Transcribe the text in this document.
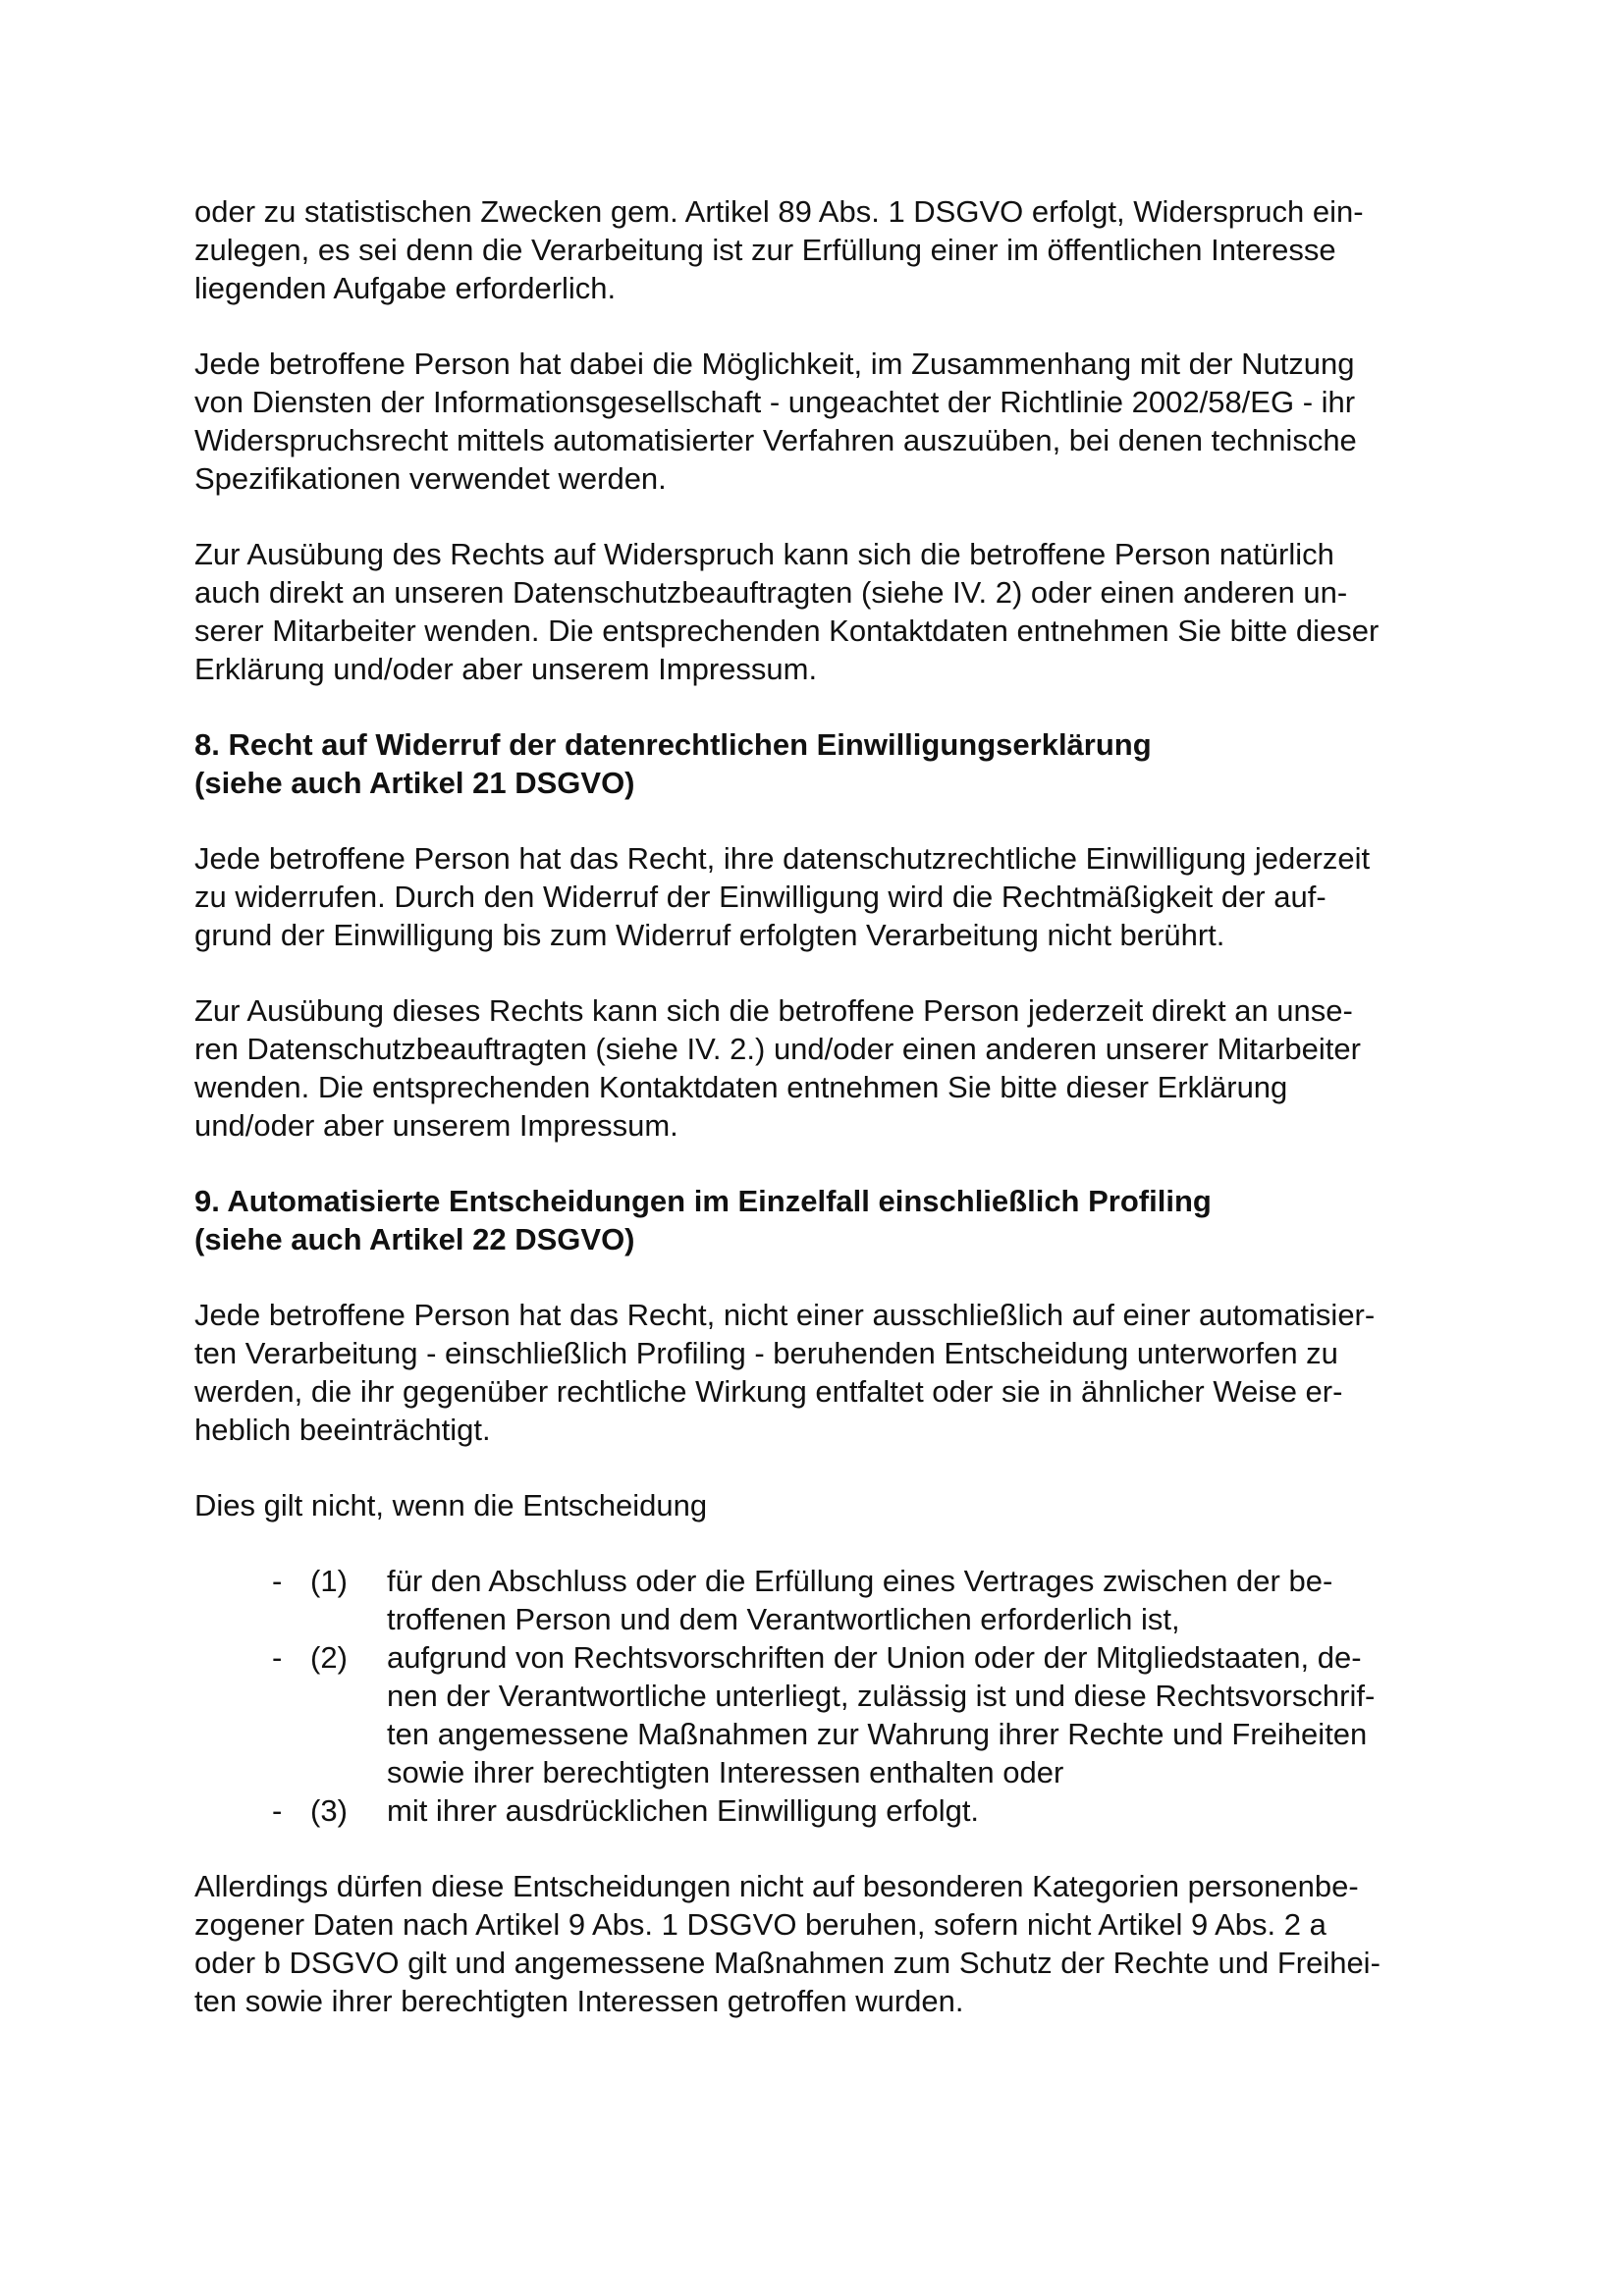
oder zu statistischen Zwecken gem. Artikel 89 Abs. 1 DSGVO erfolgt, Widerspruch ein-
zulegen, es sei denn die Verarbeitung ist zur Erfüllung einer im öffentlichen Interesse
liegenden Aufgabe erforderlich.
Jede betroffene Person hat dabei die Möglichkeit, im Zusammenhang mit der Nutzung
von Diensten der Informationsgesellschaft - ungeachtet der Richtlinie 2002/58/EG - ihr
Widerspruchsrecht mittels automatisierter Verfahren auszuüben, bei denen technische
Spezifikationen verwendet werden.
Zur Ausübung des Rechts auf Widerspruch kann sich die betroffene Person natürlich
auch direkt an unseren Datenschutzbeauftragten (siehe IV. 2) oder einen anderen un-
serer Mitarbeiter wenden. Die entsprechenden Kontaktdaten entnehmen Sie bitte dieser
Erklärung und/oder aber unserem Impressum.
8. Recht auf Widerruf der datenrechtlichen Einwilligungserklärung
(siehe auch Artikel 21 DSGVO)
Jede betroffene Person hat das Recht, ihre datenschutzrechtliche Einwilligung jederzeit
zu widerrufen. Durch den Widerruf der Einwilligung wird die Rechtmäßigkeit der auf-
grund der Einwilligung bis zum Widerruf erfolgten Verarbeitung nicht berührt.
Zur Ausübung dieses Rechts kann sich die betroffene Person jederzeit direkt an unse-
ren Datenschutzbeauftragten (siehe IV. 2.) und/oder einen anderen unserer Mitarbeiter
wenden. Die entsprechenden Kontaktdaten entnehmen Sie bitte dieser Erklärung
und/oder aber unserem Impressum.
9. Automatisierte Entscheidungen im Einzelfall einschließlich Profiling
(siehe auch Artikel 22 DSGVO)
Jede betroffene Person hat das Recht, nicht einer ausschließlich auf einer automatisier-
ten Verarbeitung - einschließlich Profiling - beruhenden Entscheidung unterworfen zu
werden, die ihr gegenüber rechtliche Wirkung entfaltet oder sie in ähnlicher Weise er-
heblich beeinträchtigt.
Dies gilt nicht, wenn die Entscheidung
- (1) für den Abschluss oder die Erfüllung eines Vertrages zwischen der be-
troffenen Person und dem Verantwortlichen erforderlich ist,
- (2) aufgrund von Rechtsvorschriften der Union oder der Mitgliedstaaten, de-
nen der Verantwortliche unterliegt, zulässig ist und diese Rechtsvorschrif-
ten angemessene Maßnahmen zur Wahrung ihrer Rechte und Freiheiten
sowie ihrer berechtigten Interessen enthalten oder
- (3) mit ihrer ausdrücklichen Einwilligung erfolgt.
Allerdings dürfen diese Entscheidungen nicht auf besonderen Kategorien personenbe-
zogener Daten nach Artikel 9 Abs. 1 DSGVO beruhen, sofern nicht Artikel 9 Abs. 2 a
oder b DSGVO gilt und angemessene Maßnahmen zum Schutz der Rechte und Freihei-
ten sowie ihrer berechtigten Interessen getroffen wurden.
